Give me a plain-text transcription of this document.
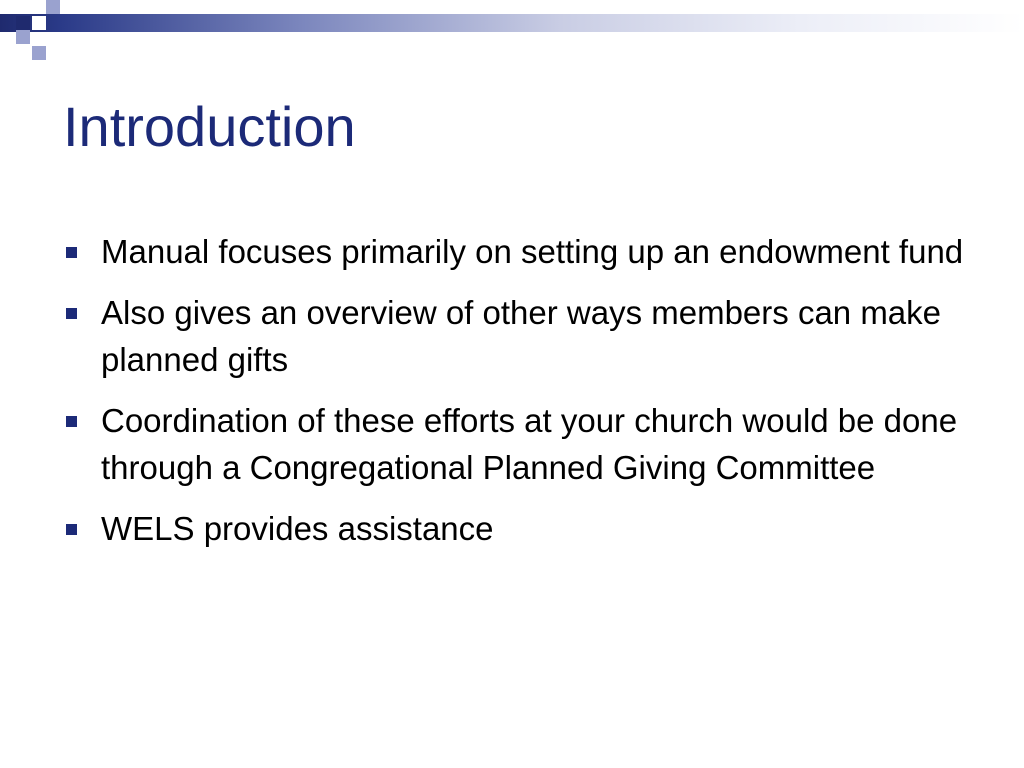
Introduction
Manual focuses primarily on setting up an endowment fund
Also gives an overview of other ways members can make planned gifts
Coordination of these efforts at your church would be done through a Congregational Planned Giving Committee
WELS provides assistance
